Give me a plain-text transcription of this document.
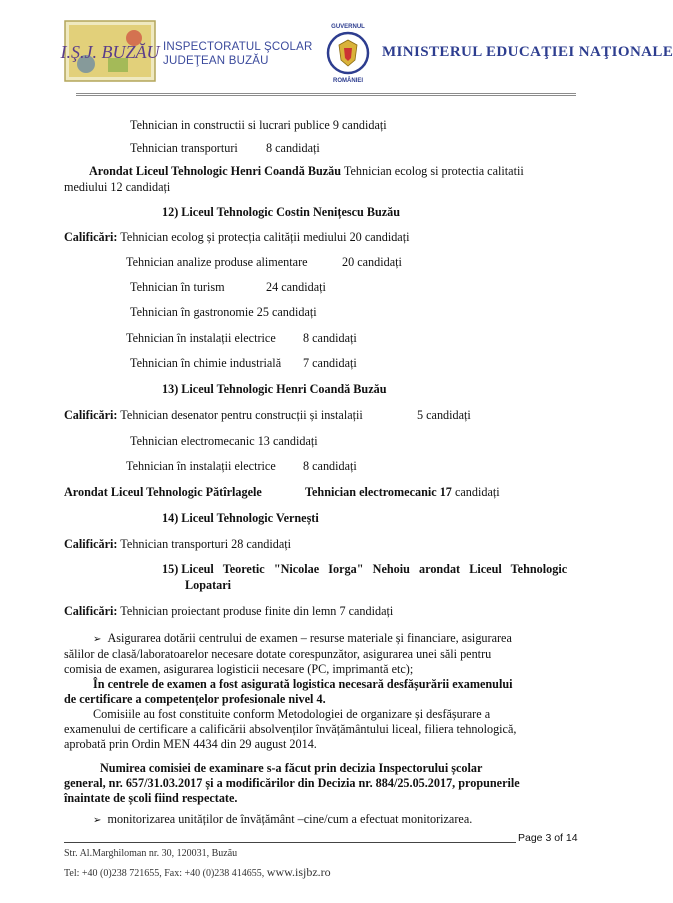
I.Ş.J. BUZĂU INSPECTORATUL ŞCOLAR
JUDEŢEAN BUZĂU
GUVERNUL
ROMÂNIEI
MINISTERUL EDUCAŢIEI NAŢIONALE
Tehnician in constructii si lucrari publice 9 candidați
Tehnician transporturi 8 candidați
Arondat Liceul Tehnologic Henri Coandă Buzău Tehnician ecolog si protectia calitatii
mediului 12 candidați
12) Liceul Tehnologic Costin Nenițescu Buzău
Calificări: Tehnician ecolog și protecția calității mediului 20 candidați
Tehnician analize produse alimentare	20 candidați
Tehnician în turism	24 candidați
Tehnician în gastronomie 25 candidați
Tehnician în instalații electrice 8 candidați
Tehnician în chimie industrială 7 candidați
13) Liceul Tehnologic Henri Coandă Buzău
Calificări: Tehnician desenator pentru construcții și instalații	5 candidați
Tehnician electromecanic 13 candidați
Tehnician în instalații electrice 8 candidați
Arondat Liceul Tehnologic Pătîrlagele	Tehnician electromecanic 17 candidați
14) Liceul Tehnologic Vernești
Calificări: Tehnician transporturi 28 candidați
15) Liceul   Teoretic   "Nicolae   Iorga"   Nehoiu   arondat   Liceul   Tehnologic
Lopatari
Calificări: Tehnician proiectant produse finite din lemn 7 candidați
➢ Asigurarea dotării centrului de examen – resurse materiale și financiare, asigurarea
sălilor de clasă/laboratoarelor necesare dotate corespunzător, asigurarea unei săli pentru
comisia de examen, asigurarea logisticii necesare (PC, imprimantă etc);
În centrele de examen a fost asigurată logistica necesară desfășurării examenului
de certificare a competențelor profesionale nivel 4.
Comisiile au fost constituite conform Metodologiei de organizare și desfășurare a
examenului de certificare a calificării absolvenților învățământului liceal, filiera tehnologică,
aprobată prin Ordin MEN 4434 din 29 august 2014.
Numirea comisiei de examinare s-a făcut prin decizia Inspectorului școlar
general, nr. 657/31.03.2017 și a modificărilor din Decizia nr. 884/25.05.2017, propunerile
înaintate de școli fiind respectate.
➢ monitorizarea unităților de învățământ –cine/cum a efectuat monitorizarea.
Page 3 of 14
Str. Al.Marghiloman nr. 30, 120031, Buzău
Tel: +40 (0)238 721655, Fax: +40 (0)238 414655, www.isjbz.ro
